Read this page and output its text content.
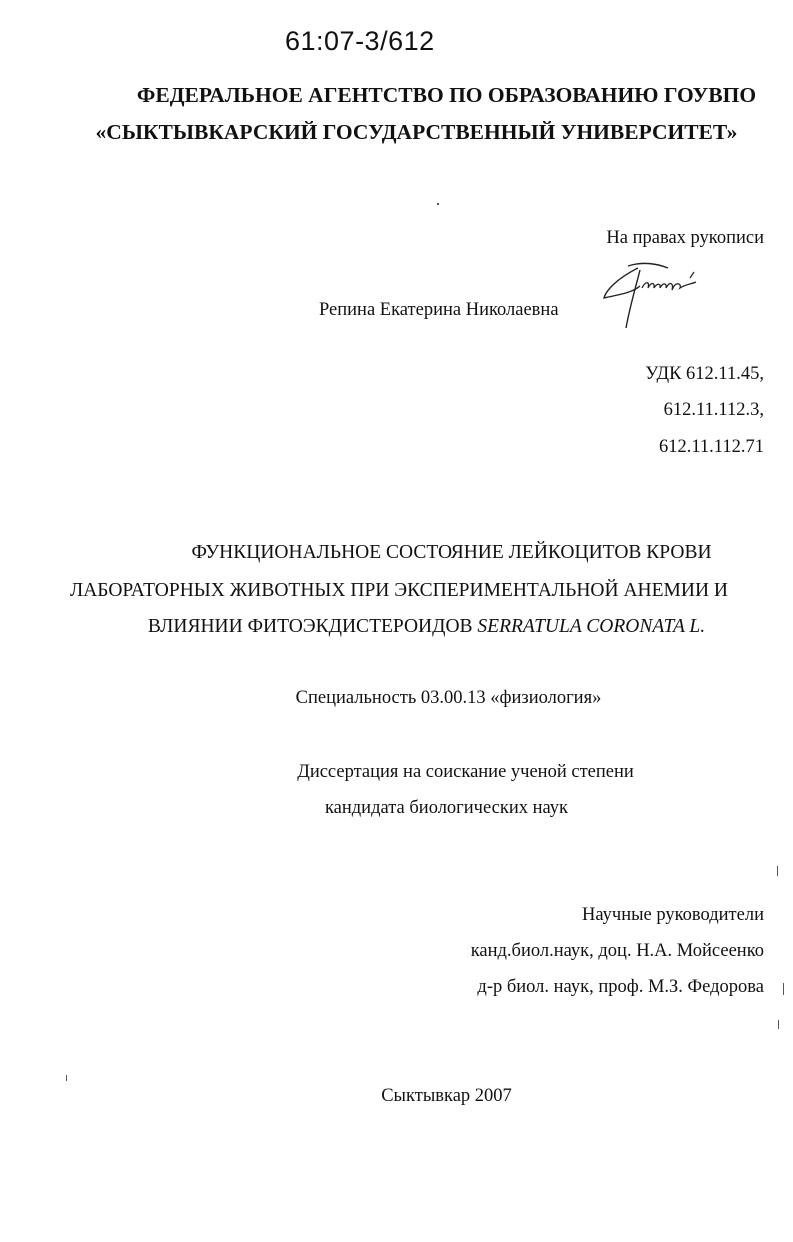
61:07-3/612
ФЕДЕРАЛЬНОЕ АГЕНТСТВО ПО ОБРАЗОВАНИЮ ГОУВПО
«СЫКТЫВКАРСКИЙ ГОСУДАРСТВЕННЫЙ УНИВЕРСИТЕТ»
На правах рукописи
Репина Екатерина Николаевна
УДК 612.11.45,
612.11.112.3,
612.11.112.71
ФУНКЦИОНАЛЬНОЕ СОСТОЯНИЕ ЛЕЙКОЦИТОВ КРОВИ
ЛАБОРАТОРНЫХ ЖИВОТНЫХ ПРИ ЭКСПЕРИМЕНТАЛЬНОЙ АНЕМИИ И
ВЛИЯНИИ ФИТОЭКДИСТЕРОИДОВ SERRATULA CORONATA L.
Специальность 03.00.13 «физиология»
Диссертация на соискание ученой степени
кандидата биологических наук
Научные руководители
канд.биол.наук, доц. Н.А. Мойсеенко
д-р биол. наук, проф. М.З. Федорова
Сыктывкар 2007
